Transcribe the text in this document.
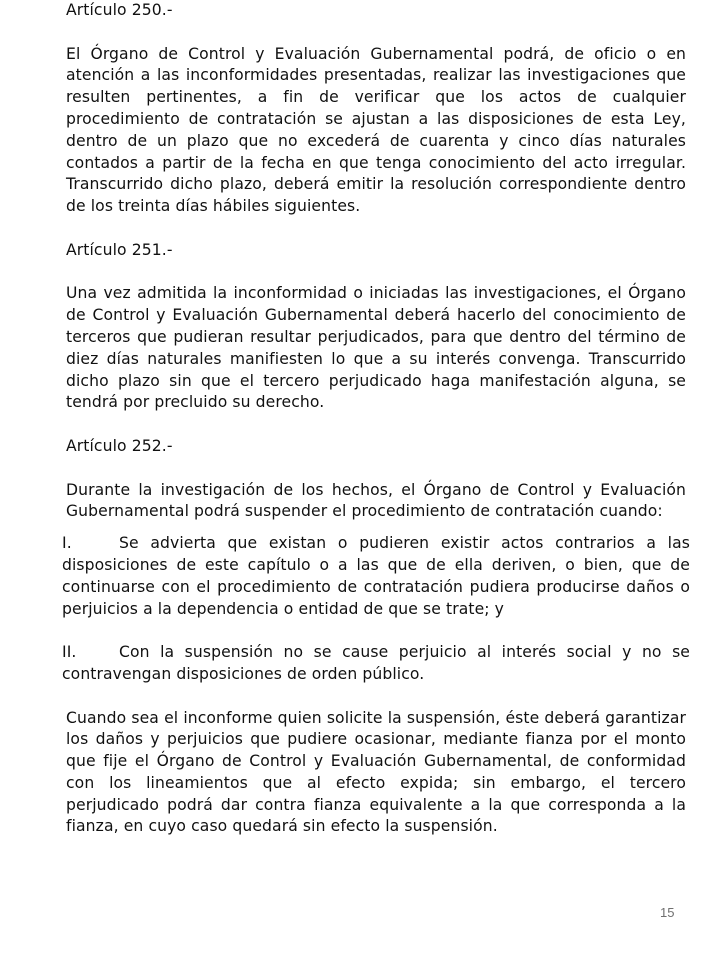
Artículo 250.-

El Órgano de Control y Evaluación Gubernamental podrá, de oficio o en atención a las inconformidades presentadas, realizar las investigaciones que resulten pertinentes, a fin de verificar que los actos de cualquier procedimiento de contratación se ajustan a las disposiciones de esta Ley, dentro de un plazo que no excederá de cuarenta y cinco días naturales contados a partir de la fecha en que tenga conocimiento del acto irregular. Transcurrido dicho plazo, deberá emitir la resolución correspondiente dentro de los treinta días hábiles siguientes.

Artículo 251.-

Una vez admitida la inconformidad o iniciadas las investigaciones, el Órgano de Control y Evaluación Gubernamental deberá hacerlo del conocimiento de terceros que pudieran resultar perjudicados, para que dentro del término de diez días naturales manifiesten lo que a su interés convenga. Transcurrido dicho plazo sin que el tercero perjudicado haga manifestación alguna, se tendrá por precluido su derecho.

Artículo 252.-

Durante la investigación de los hechos, el Órgano de Control y Evaluación Gubernamental podrá suspender el procedimiento de contratación cuando:

I.	Se advierta que existan o pudieren existir actos contrarios a las disposiciones de este capítulo o a las que de ella deriven, o bien, que de continuarse con el procedimiento de contratación pudiera producirse daños o perjuicios a la dependencia o entidad de que se trate; y

II.	Con la suspensión no se cause perjuicio al interés social y no se contravengan disposiciones de orden público.

Cuando sea el inconforme quien solicite la suspensión, éste deberá garantizar los daños y perjuicios que pudiere ocasionar, mediante fianza por el monto que fije el Órgano de Control y Evaluación Gubernamental, de conformidad con los lineamientos que al efecto expida; sin embargo, el tercero perjudicado podrá dar contra fianza equivalente a la que corresponda a la fianza, en cuyo caso quedará sin efecto la suspensión.

15
